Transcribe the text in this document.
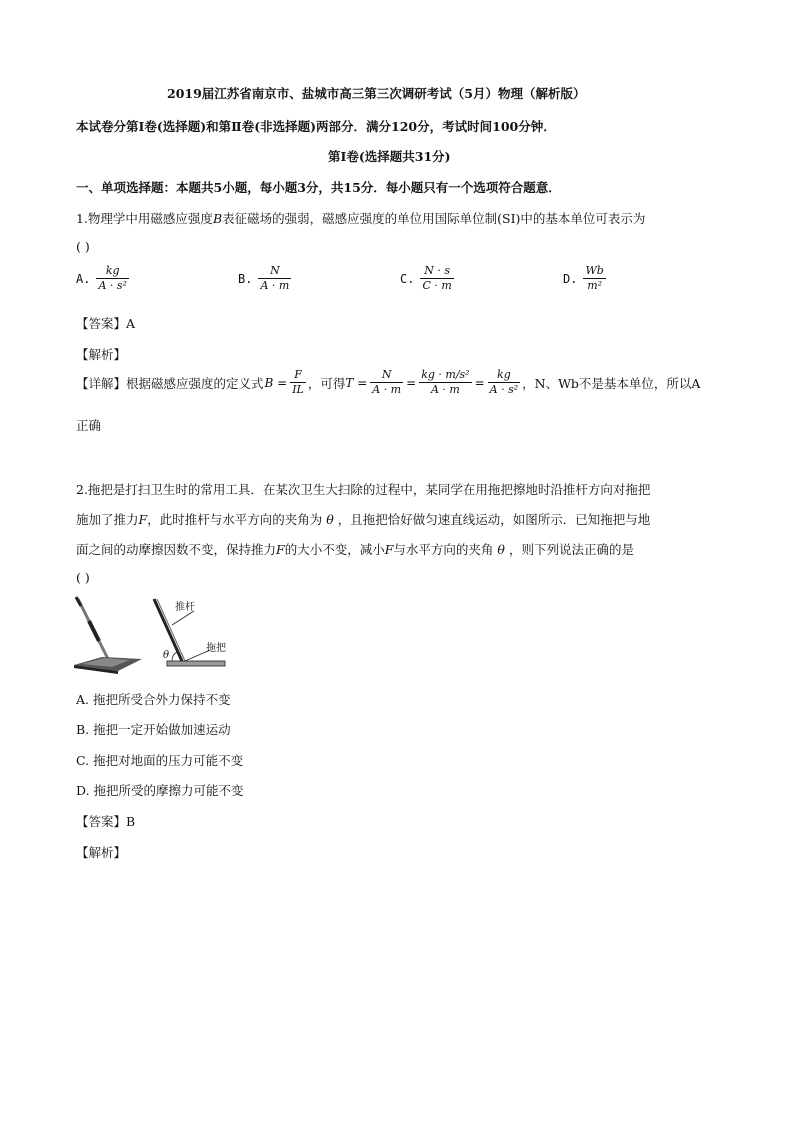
2019届江苏省南京市、盐城市高三第三次调研考试（5月）物理（解析版）
本试卷分第Ⅰ卷(选择题)和第Ⅱ卷(非选择题)两部分．满分120分，考试时间100分钟．
第Ⅰ卷(选择题共31分)
一、单项选择题：本题共5小题，每小题3分，共15分．每小题只有一个选项符合题意．
1.物理学中用磁感应强度B表征磁场的强弱，磁感应强度的单位用国际单位制(SI)中的基本单位可表示为
( )
A. $\frac{kg}{\text{A · s²}}$	B. $\frac{N}{A \cdot m}$	C. $\frac{N \cdot s}{C \cdot m}$	D. $\frac{Wb}{\text{m²}}$
【答案】A
【解析】
【详解】根据磁感应强度的定义式 $B = \frac{F}{IL}$ ，可得 $T = \frac{N}{A \cdot m} = \frac{\text{kg · m/s²}}{A \cdot m} = \frac{kg}{\text{A · s²}}$ ，N、Wb不是基本单位，所以A
正确
2.拖把是打扫卫生时的常用工具．在某次卫生大扫除的过程中，某同学在用拖把擦地时沿推杆方向对拖把
施加了推力F，此时推杆与水平方向的夹角为 θ ，且拖把恰好做匀速直线运动，如图所示．已知拖把与地
面之间的动摩擦因数不变，保持推力F的大小不变，减小F与水平方向的夹角 θ ，则下列说法正确的是
( )
推杆
拖把
θ
A. 拖把所受合外力保持不变
B. 拖把一定开始做加速运动
C. 拖把对地面的压力可能不变
D. 拖把所受的摩擦力可能不变
【答案】B
【解析】
